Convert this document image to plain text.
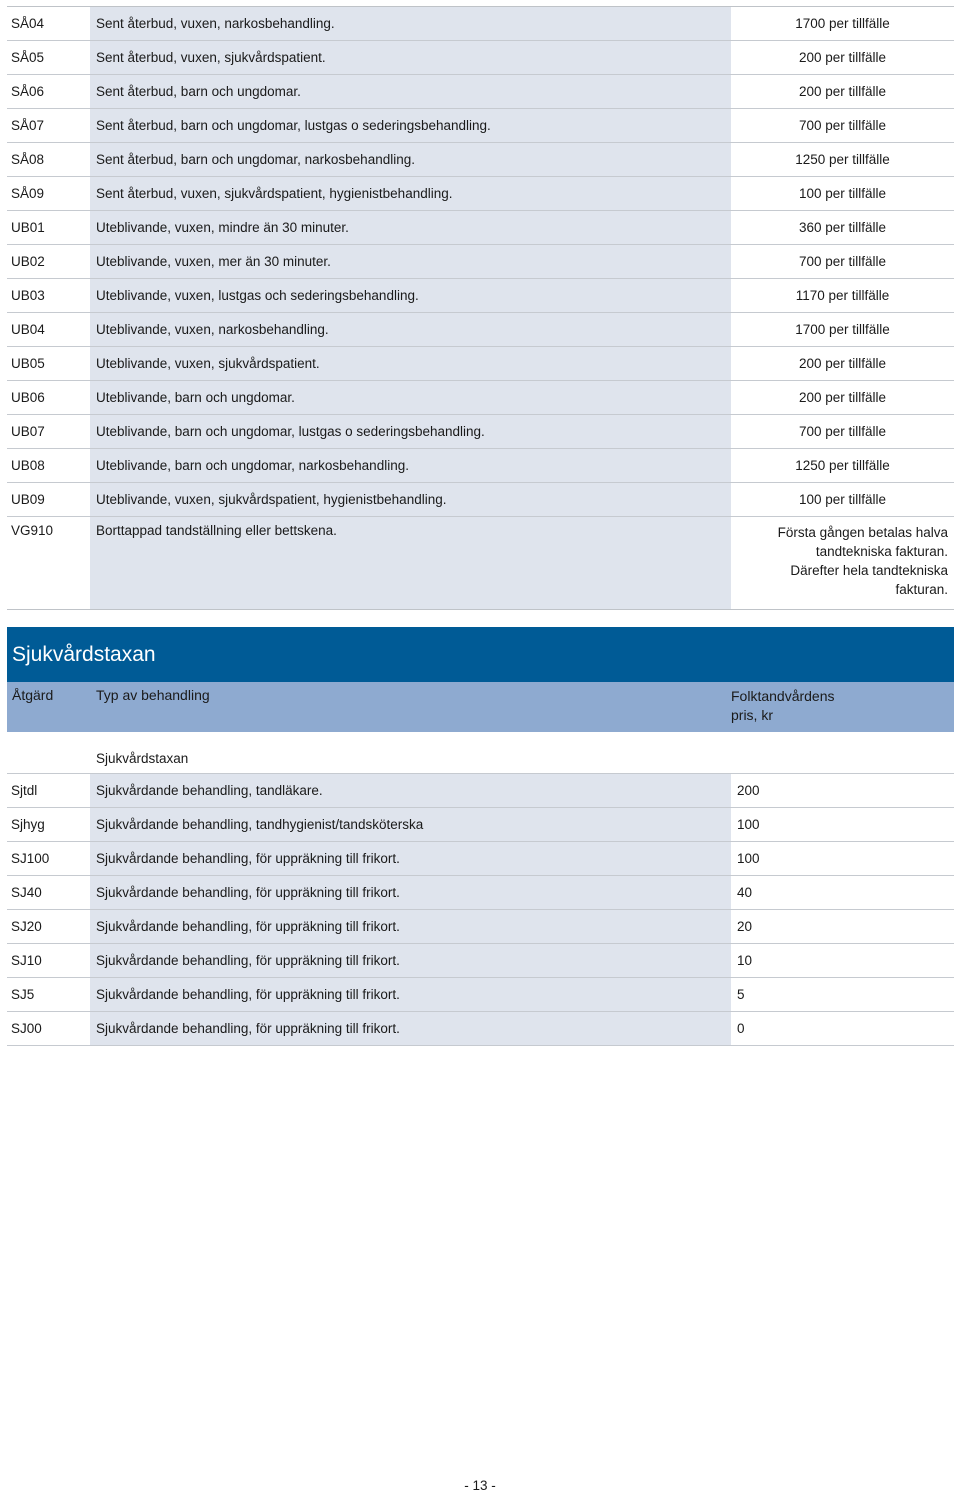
SÅ04	Sent återbud, vuxen, narkosbehandling.	1700 per tillfälle
SÅ05	Sent återbud, vuxen, sjukvårdspatient.	200 per tillfälle
SÅ06	Sent återbud, barn och ungdomar.	200 per tillfälle
SÅ07	Sent återbud, barn och ungdomar, lustgas o sederingsbehandling.	700 per tillfälle
SÅ08	Sent återbud, barn och ungdomar, narkosbehandling.	1250 per tillfälle
SÅ09	Sent återbud, vuxen, sjukvårdspatient, hygienistbehandling.	100 per tillfälle
UB01	Uteblivande, vuxen, mindre än 30 minuter.	360 per tillfälle
UB02	Uteblivande, vuxen, mer än 30 minuter.	700 per tillfälle
UB03	Uteblivande, vuxen, lustgas och sederingsbehandling.	1170 per tillfälle
UB04	Uteblivande, vuxen, narkosbehandling.	1700 per tillfälle
UB05	Uteblivande, vuxen, sjukvårdspatient.	200 per tillfälle
UB06	Uteblivande, barn och ungdomar.	200 per tillfälle
UB07	Uteblivande, barn och ungdomar, lustgas o sederingsbehandling.	700 per tillfälle
UB08	Uteblivande, barn och ungdomar, narkosbehandling.	1250 per tillfälle
UB09	Uteblivande, vuxen, sjukvårdspatient, hygienistbehandling.	100 per tillfälle
VG910	Borttappad tandställning eller bettskena.	Första gången betalas halva
tandtekniska fakturan.
Därefter hela tandtekniska
fakturan.
Sjukvårdstaxan
Åtgärd	Typ av behandling	Folktandvårdens
pris, kr

	Sjukvårdstaxan	
Sjtdl	Sjukvårdande behandling, tandläkare.	200
Sjhyg	Sjukvårdande behandling, tandhygienist/tandsköterska	100
SJ100	Sjukvårdande behandling, för uppräkning till frikort.	100
SJ40	Sjukvårdande behandling, för uppräkning till frikort.	40
SJ20	Sjukvårdande behandling, för uppräkning till frikort.	20
SJ10	Sjukvårdande behandling, för uppräkning till frikort.	10
SJ5	Sjukvårdande behandling, för uppräkning till frikort.	5
SJ00	Sjukvårdande behandling, för uppräkning till frikort.	0
- 13 -
